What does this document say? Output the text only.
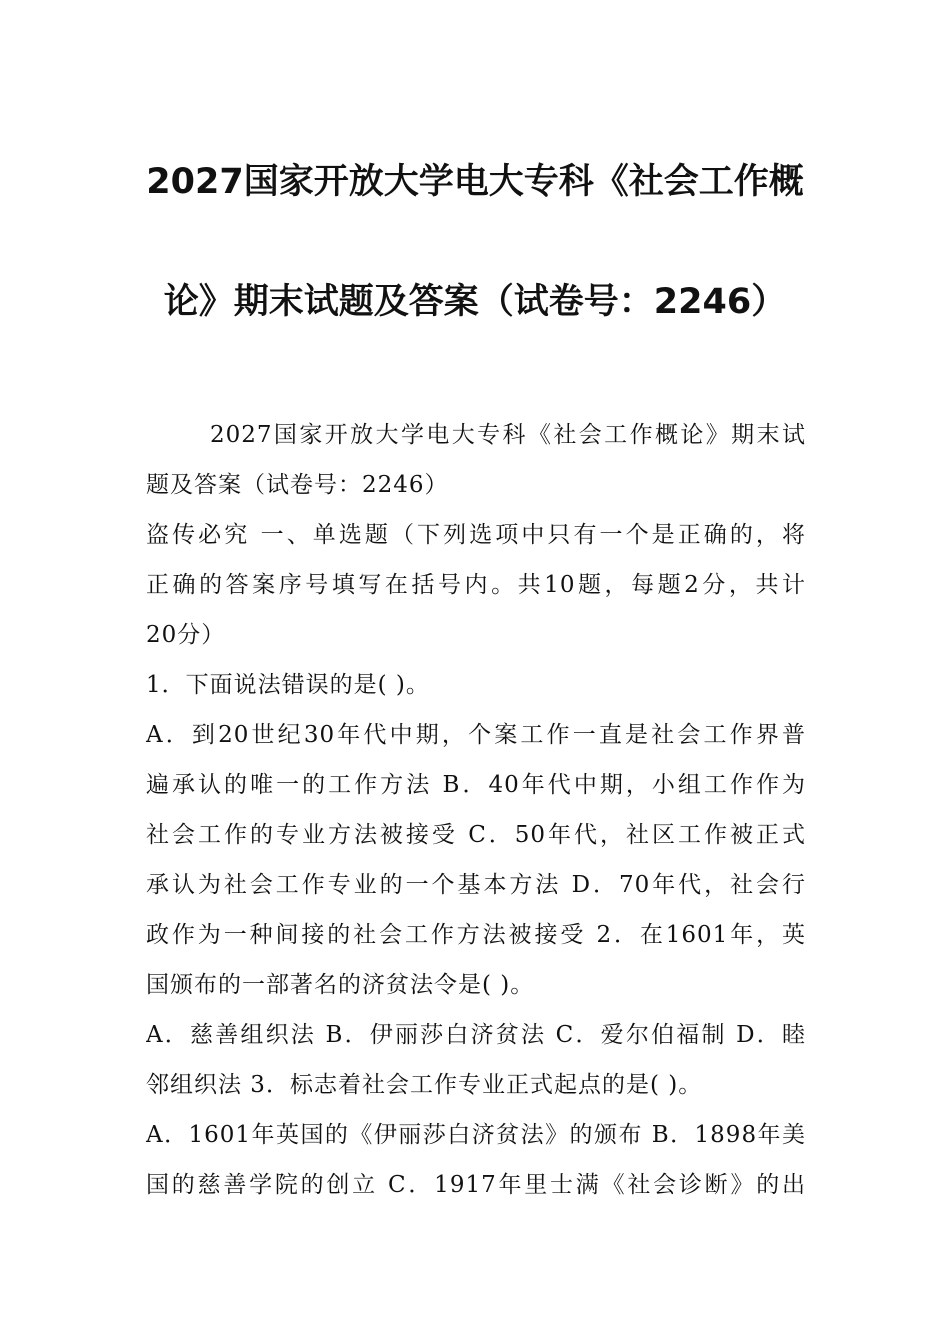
2027国家开放大学电大专科《社会工作概
论》期末试题及答案（试卷号：2246）
2027国家开放大学电大专科《社会工作概论》期末试
题及答案（试卷号：2246）
盗传必究 一、单选题（下列选项中只有一个是正确的，将
正确的答案序号填写在括号内。共10题，每题2分，共计
20分）
1．下面说法错误的是( )。
A．到20世纪30年代中期，个案工作一直是社会工作界普
遍承认的唯一的工作方法 B．40年代中期，小组工作作为
社会工作的专业方法被接受 C．50年代，社区工作被正式
承认为社会工作专业的一个基本方法 D．70年代，社会行
政作为一种间接的社会工作方法被接受 2．在1601年，英
国颁布的一部著名的济贫法令是( )。
A．慈善组织法 B．伊丽莎白济贫法 C．爱尔伯福制 D．睦
邻组织法 3．标志着社会工作专业正式起点的是( )。
A．1601年英国的《伊丽莎白济贫法》的颁布 B．1898年美
国的慈善学院的创立 C．1917年里士满《社会诊断》的出
